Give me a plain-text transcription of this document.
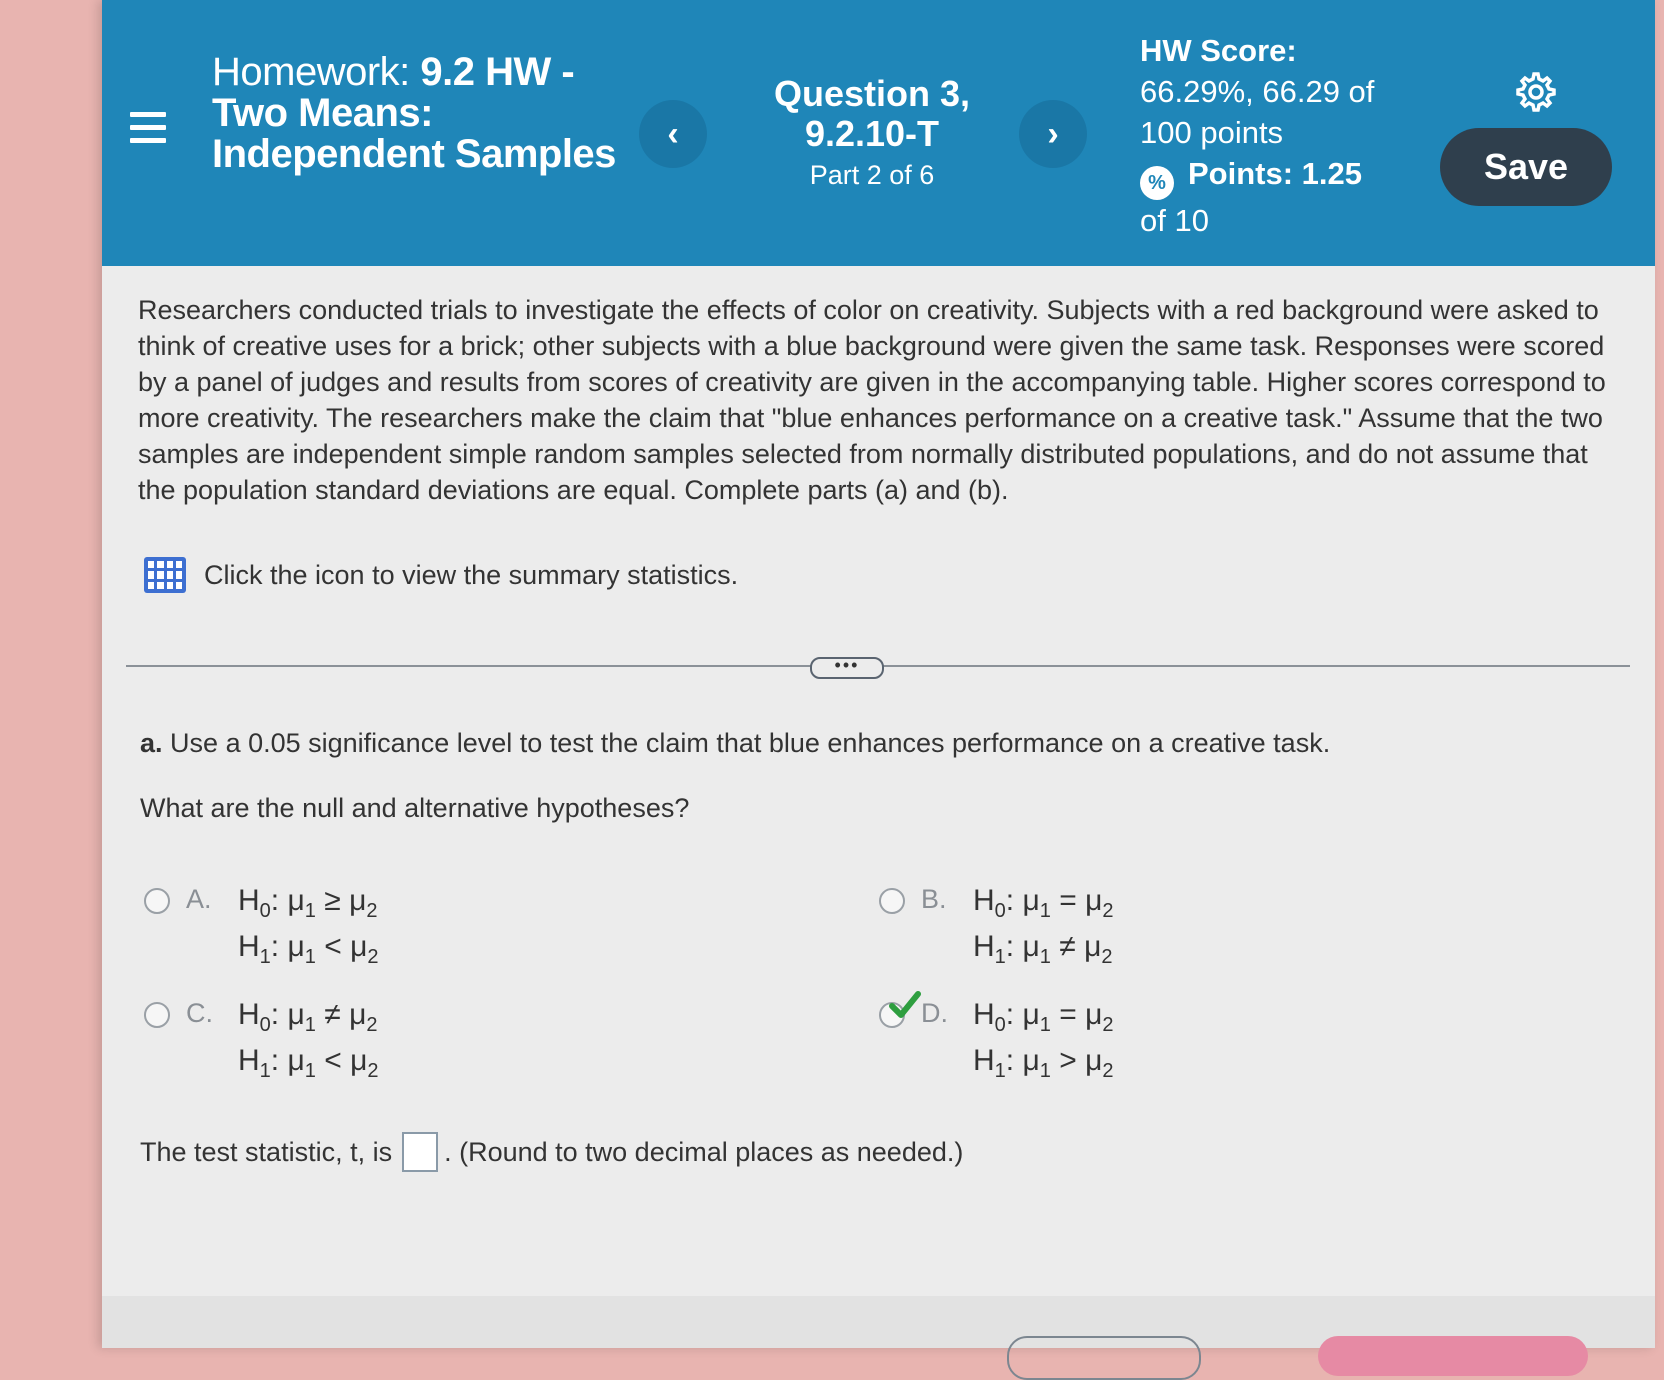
Homework: 9.2 HW - Two Means: Independent Samples ‹
Question 3, 9.2.10-T
Part 2 of 6
›
HW Score:
66.29%, 66.29 of 100 points
% Points: 1.25
of 10
Save
Researchers conducted trials to investigate the effects of color on creativity. Subjects with a red background were asked to think of creative uses for a brick; other subjects with a blue background were given the same task. Responses were scored by a panel of judges and results from scores of creativity are given in the accompanying table. Higher scores correspond to more creativity. The researchers make the claim that "blue enhances performance on a creative task." Assume that the two samples are independent simple random samples selected from normally distributed populations, and do not assume that the population standard deviations are equal. Complete parts (a) and (b).
Click the icon to view the summary statistics.
•••
a. Use a 0.05 significance level to test the claim that blue enhances performance on a creative task.
What are the null and alternative hypotheses?
A. $H_0$: $\mu_1 \ge \mu_2$
$H_1$: $\mu_1 < \mu_2$
B. $H_0$: $\mu_1 = \mu_2$
$H_1$: $\mu_1 \ne \mu_2$
C. $H_0$: $\mu_1 \ne \mu_2$
$H_1$: $\mu_1 < \mu_2$
D. $H_0$: $\mu_1 = \mu_2$
$H_1$: $\mu_1 > \mu_2$
The test statistic, t, is . (Round to two decimal places as needed.)
